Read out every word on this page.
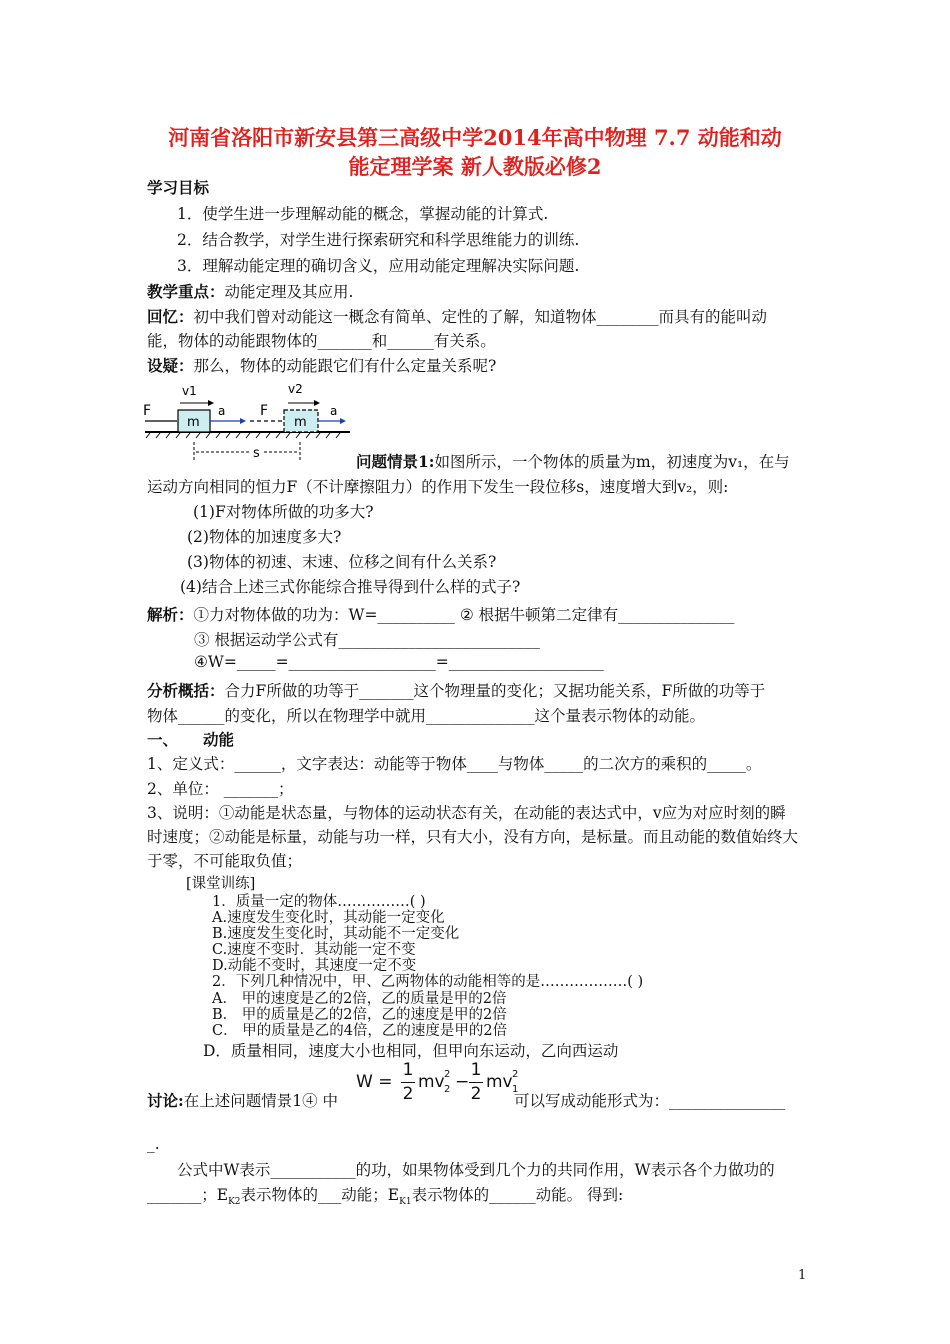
河南省洛阳市新安县第三高级中学2014年高中物理 7.7 动能和动
能定理学案 新人教版必修2
学习目标
1．使学生进一步理解动能的概念，掌握动能的计算式.
2．结合教学，对学生进行探索研究和科学思维能力的训练.
3．理解动能定理的确切含义，应用动能定理解决实际问题.
教学重点：动能定理及其应用.
回忆：初中我们曾对动能这一概念有简单、定性的了解，知道物体________而具有的能叫动
能，物体的动能跟物体的_______和______有关系。
设疑：那么，物体的动能跟它们有什么定量关系呢?
m
F
v1
a F
m
v2
a
s	问题情景1:如图所示，一个物体的质量为m，初速度为v₁，在与
运动方向相同的恒力F（不计摩擦阻力）的作用下发生一段位移s，速度增大到v₂，则:
(1)F对物体所做的功多大?
(2)物体的加速度多大?
(3)物体的初速、末速、位移之间有什么关系?
(4)结合上述三式你能综合推导得到什么样的式子?
解析：①力对物体做的功为：W=__________ ② 根据牛顿第二定律有_______________
③ 根据运动学公式有__________________________
④W=_____=___________________=____________________
分析概括：合力F所做的功等于_______这个物理量的变化；又据功能关系，F所做的功等于
物体______的变化，所以在物理学中就用______________这个量表示物体的动能。
一、 动能
1、定义式：______，文字表达：动能等于物体____与物体_____的二次方的乘积的_____。
2、单位： _______；
3、说明：①动能是状态量，与物体的运动状态有关，在动能的表达式中，v应为对应时刻的瞬
时速度；②动能是标量，动能与功一样，只有大小，没有方向，是标量。而且动能的数值始终大
于零，不可能取负值；
[课堂训练]
1．质量一定的物体……………( )
A.速度发生变化时，其动能一定变化
B.速度发生变化时，其动能不一定变化
C.速度不变时．其动能一定不变
D.动能不变时，其速度一定不变
2．下列几种情况中，甲、乙两物体的动能相等的是………………( )
A． 甲的速度是乙的2倍，乙的质量是甲的2倍
B． 甲的质量是乙的2倍，乙的速度是甲的2倍
C． 甲的质量是乙的4倍，乙的速度是甲的2倍
D．质量相同，速度大小也相同，但甲向东运动，乙向西运动
讨论:在上述问题情景1④ 中
W =
1
2
mv 2
2 −
1
2
mv 2
1
可以写成动能形式为：_______________
_.
公式中W表示___________的功，如果物体受到几个力的共同作用，W表示各个力做功的
_______；$E_{K2}$表示物体的___动能；$E_{K1}$表示物体的______动能。 得到:
1
